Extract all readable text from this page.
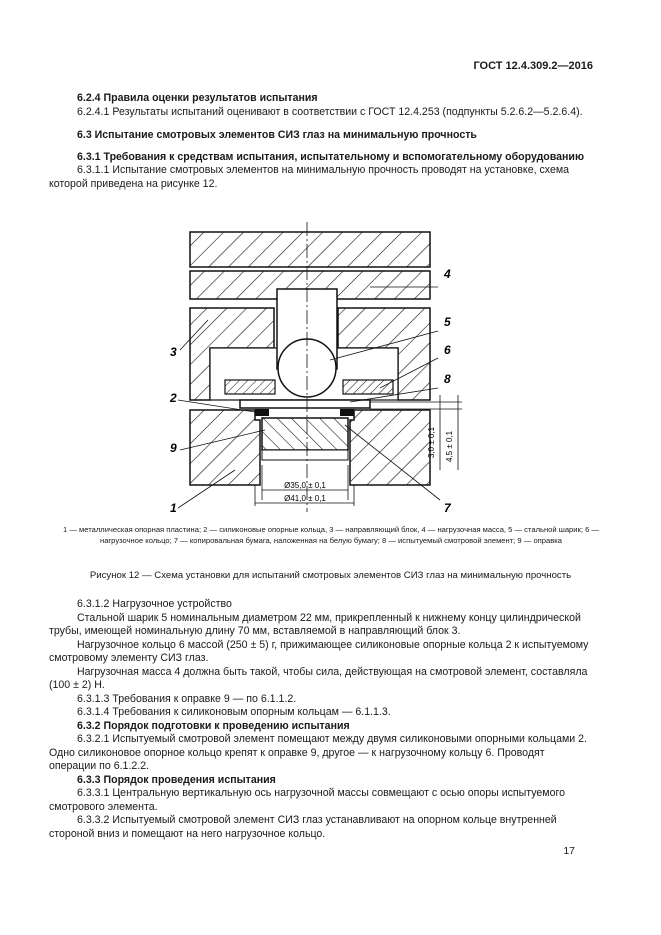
ГОСТ 12.4.309.2—2016

6.2.4 Правила оценки результатов испытания

6.2.4.1 Результаты испытаний оценивают в соответствии с ГОСТ 12.4.253 (подпункты 5.2.6.2—5.2.6.4).

6.3 Испытание смотровых элементов СИЗ глаз на минимальную прочность

6.3.1 Требования к средствам испытания, испытательному и вспомогательному оборудованию

6.3.1.1 Испытание смотровых элементов на минимальную прочность проводят на установке, схема которой приведена на рисунке 12.

Ø35,0 ± 0,1
Ø41,0 ± 0,1
3,0 ± 0,1 4,5 ± 0,1
4
5
6
8
3
2
9
1	7
1 — металлическая опорная пластина; 2 — силиконовые опорные кольца, 3 — направляющий блок, 4 — нагрузочная масса, 5 — стальной шарик; 6 — нагрузочное кольцо; 7 — копировальная бумага, наложенная на белую бумагу; 8 — испытуемый смотровой элемент; 9 — оправка
Рисунок 12 — Схема установки для испытаний смотровых элементов СИЗ глаз на минимальную прочность

6.3.1.2 Нагрузочное устройство

Стальной шарик 5 номинальным диаметром 22 мм, прикрепленный к нижнему концу цилиндрической трубы, имеющей номинальную длину 70 мм, вставляемой в направляющий блок 3.

Нагрузочное кольцо 6 массой (250 ± 5) г, прижимающее силиконовые опорные кольца 2 к испытуемому смотровому элементу СИЗ глаз.

Нагрузочная масса 4 должна быть такой, чтобы сила, действующая на смотровой элемент, составляла (100 ± 2) Н.

6.3.1.3 Требования к оправке 9 — по 6.1.1.2.

6.3.1.4 Требования к силиконовым опорным кольцам — 6.1.1.3.

6.3.2 Порядок подготовки к проведению испытания

6.3.2.1 Испытуемый смотровой элемент помещают между двумя силиконовыми опорными кольцами 2. Одно силиконовое опорное кольцо крепят к оправке 9, другое — к нагрузочному кольцу 6. Проводят операции по 6.1.2.2.

6.3.3 Порядок проведения испытания

6.3.3.1 Центральную вертикальную ось нагрузочной массы совмещают с осью опоры испытуемого смотрового элемента.

6.3.3.2 Испытуемый смотровой элемент СИЗ глаз устанавливают на опорном кольце внутренней стороной вниз и помещают на него нагрузочное кольцо.

17
